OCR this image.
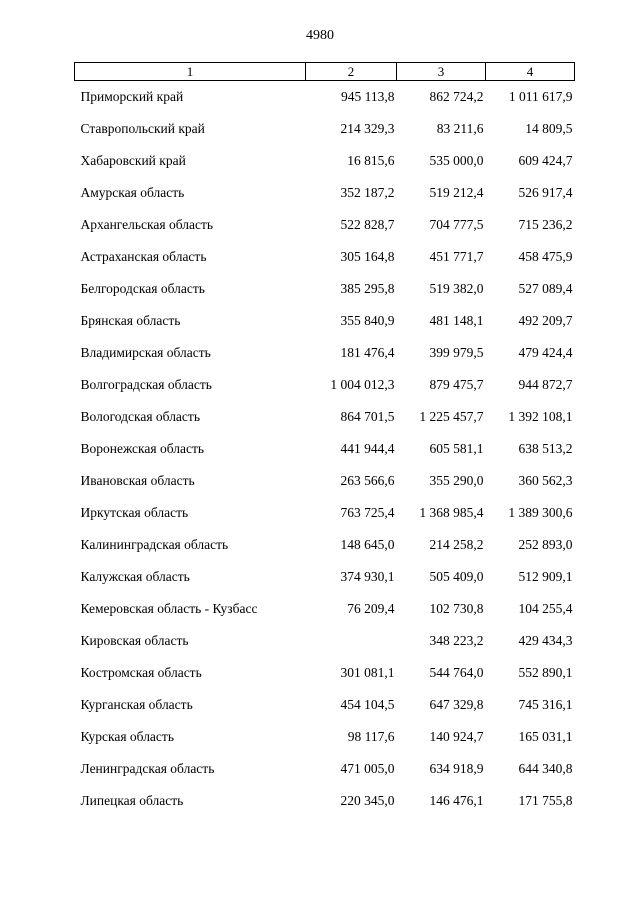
4980
1	2	3	4
Приморский край	945 113,8	862 724,2	1 011 617,9
Ставропольский край	214 329,3	83 211,6	14 809,5
Хабаровский край	16 815,6	535 000,0	609 424,7
Амурская область	352 187,2	519 212,4	526 917,4
Архангельская область	522 828,7	704 777,5	715 236,2
Астраханская область	305 164,8	451 771,7	458 475,9
Белгородская область	385 295,8	519 382,0	527 089,4
Брянская область	355 840,9	481 148,1	492 209,7
Владимирская область	181 476,4	399 979,5	479 424,4
Волгоградская область	1 004 012,3	879 475,7	944 872,7
Вологодская область	864 701,5	1 225 457,7	1 392 108,1
Воронежская область	441 944,4	605 581,1	638 513,2
Ивановская область	263 566,6	355 290,0	360 562,3
Иркутская область	763 725,4	1 368 985,4	1 389 300,6
Калининградская область	148 645,0	214 258,2	252 893,0
Калужская область	374 930,1	505 409,0	512 909,1
Кемеровская область - Кузбасс	76 209,4	102 730,8	104 255,4
Кировская область		348 223,2	429 434,3
Костромская область	301 081,1	544 764,0	552 890,1
Курганская область	454 104,5	647 329,8	745 316,1
Курская область	98 117,6	140 924,7	165 031,1
Ленинградская область	471 005,0	634 918,9	644 340,8
Липецкая область	220 345,0	146 476,1	171 755,8
